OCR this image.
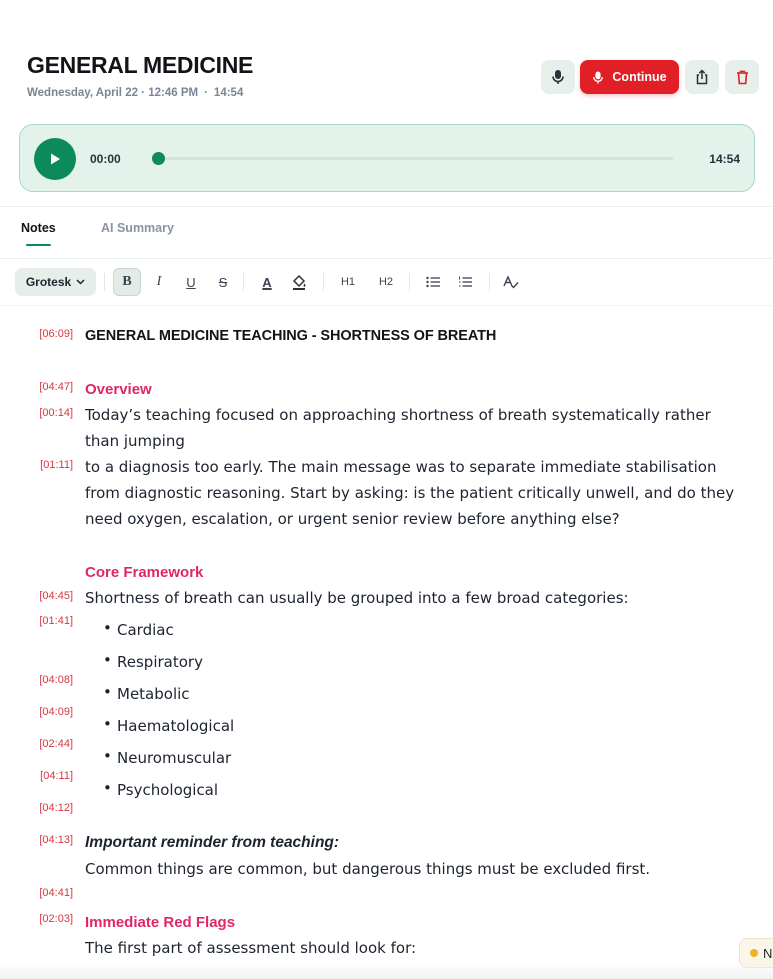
GENERAL MEDICINE
Wednesday, April 22 · 12:46 PM · 14:54
Continue
00:00	14:54
Notes	AI Summary
Grotesk	B	I	U	S	A	H1	H2
[06:09] GENERAL MEDICINE TEACHING - SHORTNESS OF BREATH
[04:47] Overview
[00:14] Today’s teaching focused on approaching shortness of breath systematically rather
than jumping
[01:11] to a diagnosis too early. The main message was to separate immediate stabilisation
from diagnostic reasoning. Start by asking: is the patient critically unwell, and do they
need oxygen, escalation, or urgent senior review before anything else?
Core Framework
[04:45] Shortness of breath can usually be grouped into a few broad categories:
[01:41] • Cardiac
• Respiratory
[04:08]
• Metabolic
[04:09]
• Haematological
[02:44]
• Neuromuscular
[04:11]
• Psychological
[04:12]
[04:13] Important reminder from teaching:
Common things are common, but dangerous things must be excluded first.
[04:41]
[02:03] Immediate Red Flags
The first part of assessment should look for:	N
